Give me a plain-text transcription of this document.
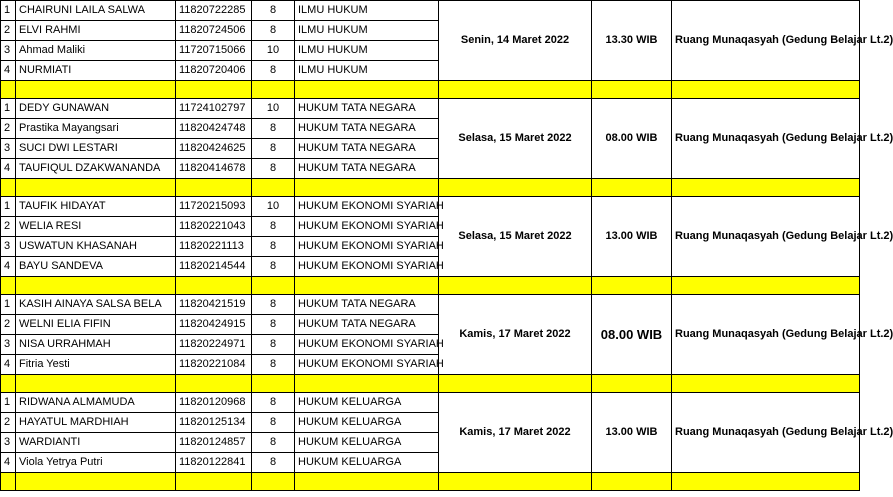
1	CHAIRUNI LAILA SALWA	11820722285	8	ILMU HUKUM	Senin, 14 Maret 2022	13.30 WIB	Ruang Munaqasyah (Gedung Belajar Lt.2)
2	ELVI RAHMI	11820724506	8	ILMU HUKUM			
3	Ahmad Maliki	11720715066	10	ILMU HUKUM			
4	NURMIATI	11820720406	8	ILMU HUKUM			

1	DEDY GUNAWAN	11724102797	10	HUKUM TATA NEGARA	Selasa, 15 Maret 2022	08.00 WIB	Ruang Munaqasyah (Gedung Belajar Lt.2)
2	Prastika Mayangsari	11820424748	8	HUKUM TATA NEGARA			
3	SUCI DWI LESTARI	11820424625	8	HUKUM TATA NEGARA			
4	TAUFIQUL DZAKWANANDA	11820414678	8	HUKUM TATA NEGARA			

1	TAUFIK HIDAYAT	11720215093	10	HUKUM EKONOMI SYARIAH	Selasa, 15 Maret 2022	13.00 WIB	Ruang Munaqasyah (Gedung Belajar Lt.2)
2	WELIA RESI	11820221043	8	HUKUM EKONOMI SYARIAH			
3	USWATUN KHASANAH	11820221113	8	HUKUM EKONOMI SYARIAH			
4	BAYU SANDEVA	11820214544	8	HUKUM EKONOMI SYARIAH			

1	KASIH AINAYA SALSA BELA	11820421519	8	HUKUM TATA NEGARA	Kamis, 17 Maret 2022	08.00 WIB	Ruang Munaqasyah (Gedung Belajar Lt.2)
2	WELNI ELIA FIFIN	11820424915	8	HUKUM TATA NEGARA			
3	NISA URRAHMAH	11820224971	8	HUKUM EKONOMI SYARIAH			
4	Fitria Yesti	11820221084	8	HUKUM EKONOMI SYARIAH			

1	RIDWANA ALMAMUDA	11820120968	8	HUKUM KELUARGA	Kamis, 17 Maret 2022	13.00 WIB	Ruang Munaqasyah (Gedung Belajar Lt.2)
2	HAYATUL MARDHIAH	11820125134	8	HUKUM KELUARGA			
3	WARDIANTI	11820124857	8	HUKUM KELUARGA			
4	Viola Yetrya Putri	11820122841	8	HUKUM KELUARGA			
